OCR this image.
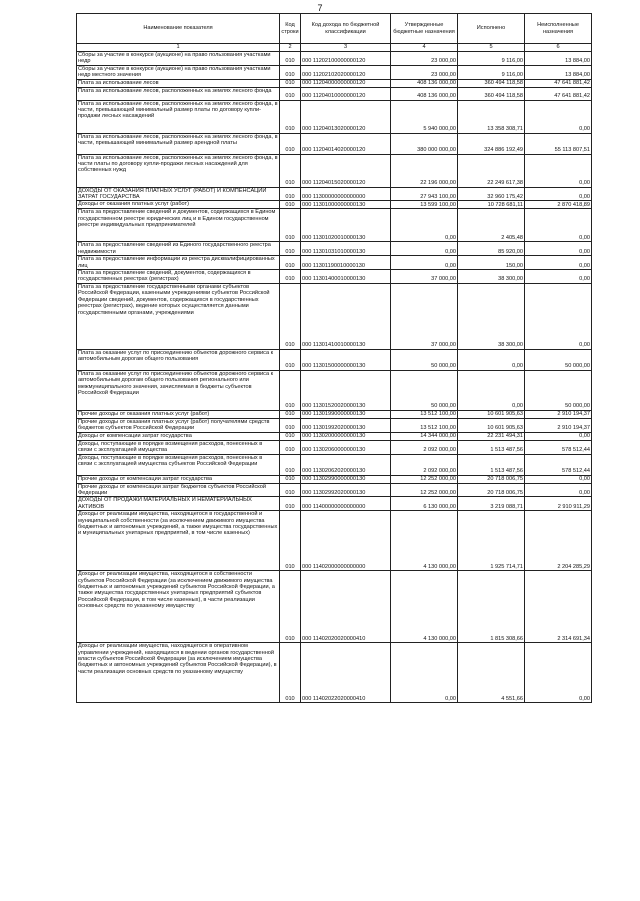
7
Наименование показателя	Код строки	Код дохода по бюджетной классификации	Утвержденные бюджетные назначения	Исполнено	Неисполненные назначения
1	2	3	4	5	6
Сборы за участие в конкурсе (аукционе) на право пользования участками недр	010	000 11202100000000120	23 000,00	9 116,00	13 884,00
Сборы за участие в конкурсе (аукционе) на право пользования участками недр местного значения	010	000 11202102020000120	23 000,00	9 116,00	13 884,00
Плата за использование лесов	010	000 11204000000000120	408 136 000,00	360 494 118,58	47 641 881,42
Плата за использование лесов, расположенных на землях лесного фонда	010	000 11204010000000120	408 136 000,00	360 494 118,58	47 641 881,42
Плата за использование лесов, расположенных на землях лесного фонда, в части, превышающей минимальный размер платы по договору купли-продажи лесных насаждений	010	000 11204013020000120	5 940 000,00	13 358 308,71	0,00
Плата за использование лесов, расположенных на землях лесного фонда, в части, превышающей минимальный размер арендной платы	010	000 11204014020000120	380 000 000,00	324 886 192,49	55 113 807,51
Плата за использование лесов, расположенных на землях лесного фонда, в части платы по договору купли-продажи лесных насаждений для собственных нужд	010	000 11204015020000120	22 196 000,00	22 249 617,38	0,00
ДОХОДЫ ОТ ОКАЗАНИЯ ПЛАТНЫХ УСЛУГ (РАБОТ) И КОМПЕНСАЦИИ ЗАТРАТ ГОСУДАРСТВА	010	000 11300000000000000	27 943 100,00	32 960 175,42	0,00
Доходы от оказания платных услуг (работ)	010	000 11301000000000130	13 599 100,00	10 728 681,11	2 870 418,89
Плата за предоставление сведений и документов, содержащихся в Едином государственном реестре юридических лиц и в Едином государственном реестре индивидуальных предпринимателей	010	000 11301020010000130	0,00	2 405,48	0,00
Плата за предоставление сведений из Единого государственного реестра недвижимости	010	000 11301031010000130	0,00	85 920,00	0,00
Плата за предоставление информации из реестра дисквалифицированных лиц	010	000 11301190010000130	0,00	150,00	0,00
Плата за предоставление сведений, документов, содержащихся в государственных реестрах (регистрах)	010	000 11301400010000130	37 000,00	38 300,00	0,00
Плата за предоставление государственными органами субъектов Российской Федерации, казенными учреждениями субъектов Российской Федерации сведений, документов, содержащихся в государственных реестрах (регистрах), ведение которых осуществляется данными государственными органами, учреждениями	010	000 11301410010000130	37 000,00	38 300,00	0,00
Плата за оказание услуг по присоединению объектов дорожного сервиса к автомобильным дорогам общего пользования	010	000 11301500000000130	50 000,00	0,00	50 000,00
Плата за оказание услуг по присоединению объектов дорожного сервиса к автомобильным дорогам общего пользования регионального или межмуниципального значения, зачисляемая в бюджеты субъектов Российской Федерации	010	000 11301520020000130	50 000,00	0,00	50 000,00
Прочие доходы от оказания платных услуг (работ)	010	000 11301990000000130	13 512 100,00	10 601 905,63	2 910 194,37
Прочие доходы от оказания платных услуг (работ) получателями средств бюджетов субъектов Российской Федерации	010	000 11301992020000130	13 512 100,00	10 601 905,63	2 910 194,37
Доходы от компенсации затрат государства	010	000 11302000000000130	14 344 000,00	22 231 494,31	0,00
Доходы, поступающие в порядке возмещения расходов, понесенных в связи с эксплуатацией имущества	010	000 11302060000000130	2 092 000,00	1 513 487,56	578 512,44
Доходы, поступающие в порядке возмещения расходов, понесенных в связи с эксплуатацией имущества субъектов Российской Федерации	010	000 11302062020000130	2 092 000,00	1 513 487,56	578 512,44
Прочие доходы от компенсации затрат государства	010	000 11302990000000130	12 252 000,00	20 718 006,75	0,00
Прочие доходы от компенсации затрат бюджетов субъектов Российской Федерации	010	000 11302992020000130	12 252 000,00	20 718 006,75	0,00
ДОХОДЫ ОТ ПРОДАЖИ МАТЕРИАЛЬНЫХ И НЕМАТЕРИАЛЬНЫХ АКТИВОВ	010	000 11400000000000000	6 130 000,00	3 219 088,71	2 910 911,29
Доходы от реализации имущества, находящегося в государственной и муниципальной собственности (за исключением движимого имущества бюджетных и автономных учреждений, а также имущества государственных и муниципальных унитарных предприятий, в том числе казенных)	010	000 11402000000000000	4 130 000,00	1 925 714,71	2 204 285,29
Доходы от реализации имущества, находящегося в собственности субъектов Российской Федерации (за исключением движимого имущества бюджетных и автономных учреждений субъектов Российской Федерации, а также имущества государственных унитарных предприятий субъектов Российской Федерации, в том числе казенных), в части реализации основных средств по указанному имуществу	010	000 11402020020000410	4 130 000,00	1 815 308,66	2 314 691,34
Доходы от реализации имущества, находящегося в оперативном управлении учреждений, находящихся в ведении органов государственной власти субъектов Российской Федерации (за исключением имущества бюджетных и автономных учреждений субъектов Российской Федерации), в части реализации основных средств по указанному имуществу	010	000 11402022020000410	0,00	4 551,66	0,00
